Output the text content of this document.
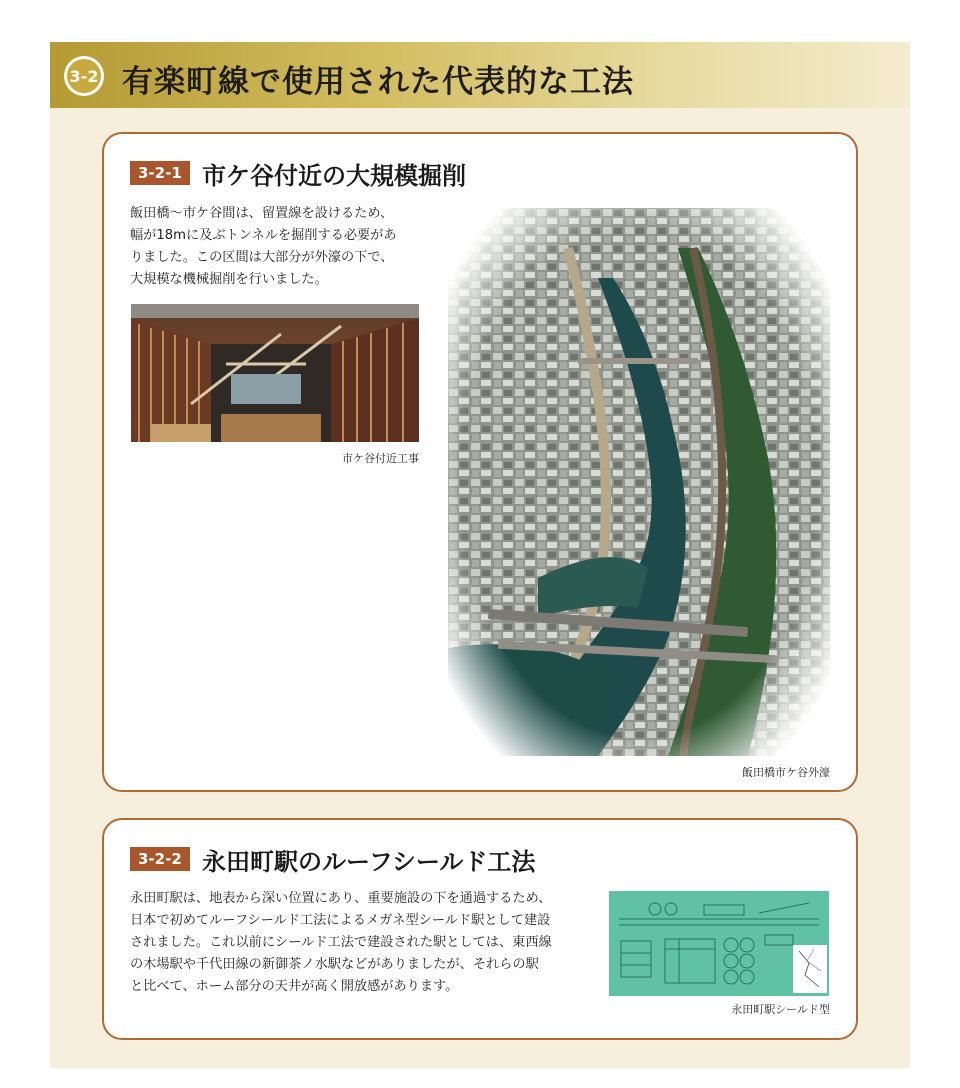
3-2 有楽町線で使用された代表的な工法
3-2-1 市ケ谷付近の大規模掘削
飯田橋～市ケ谷間は、留置線を設けるため、
幅が18mに及ぶトンネルを掘削する必要があ
りました。この区間は大部分が外濠の下で、
大規模な機械掘削を行いました。
市ケ谷付近工事
飯田橋市ケ谷外濠
3-2-2 永田町駅のルーフシールド工法
永田町駅は、地表から深い位置にあり、重要施設の下を通過するため、
日本で初めてルーフシールド工法によるメガネ型シールド駅として建設
されました。これ以前にシールド工法で建設された駅としては、東西線
の木場駅や千代田線の新御茶ノ水駅などがありましたが、それらの駅
と比べて、ホーム部分の天井が高く開放感があります。
永田町駅シールド型
